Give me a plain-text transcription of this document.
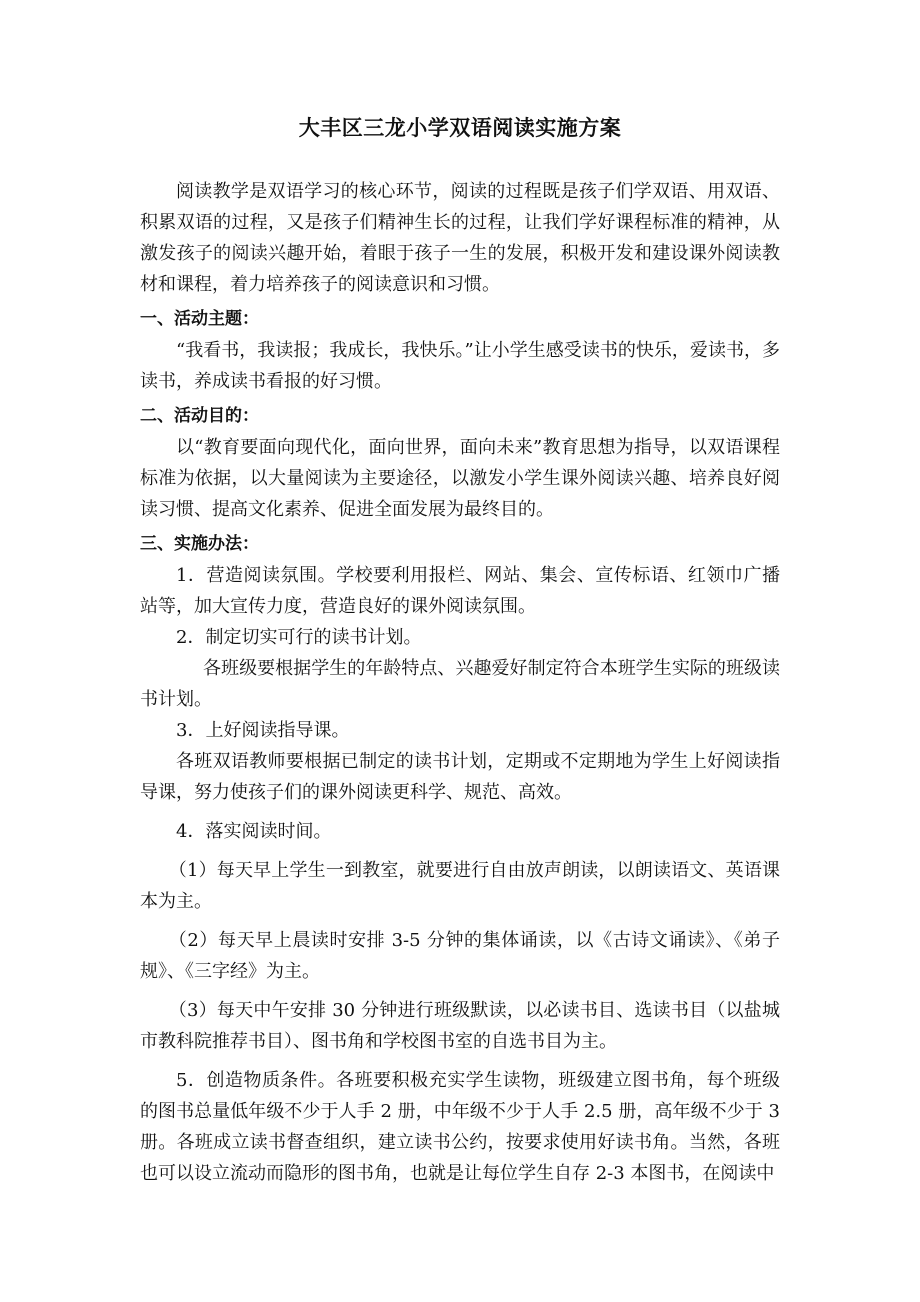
大丰区三龙小学双语阅读实施方案

阅读教学是双语学习的核心环节，阅读的过程既是孩子们学双语、用双语、积累双语的过程，又是孩子们精神生长的过程，让我们学好课程标准的精神，从激发孩子的阅读兴趣开始，着眼于孩子一生的发展，积极开发和建设课外阅读教材和课程，着力培养孩子的阅读意识和习惯。

一、活动主题：

“我看书，我读报；我成长，我快乐。”让小学生感受读书的快乐，爱读书，多读书，养成读书看报的好习惯。

二、活动目的：

以“教育要面向现代化，面向世界，面向未来”教育思想为指导，以双语课程标准为依据，以大量阅读为主要途径，以激发小学生课外阅读兴趣、培养良好阅读习惯、提高文化素养、促进全面发展为最终目的。

三、实施办法：

1．营造阅读氛围。学校要利用报栏、网站、集会、宣传标语、红领巾广播站等，加大宣传力度，营造良好的课外阅读氛围。

2．制定切实可行的读书计划。

各班级要根据学生的年龄特点、兴趣爱好制定符合本班学生实际的班级读书计划。

3．上好阅读指导课。

各班双语教师要根据已制定的读书计划，定期或不定期地为学生上好阅读指导课，努力使孩子们的课外阅读更科学、规范、高效。

4．落实阅读时间。

（1）每天早上学生一到教室，就要进行自由放声朗读，以朗读语文、英语课本为主。

（2）每天早上晨读时安排 3-5 分钟的集体诵读，以《古诗文诵读》、《弟子规》、《三字经》为主。

（3）每天中午安排 30 分钟进行班级默读，以必读书目、选读书目（以盐城市教科院推荐书目）、图书角和学校图书室的自选书目为主。

5．创造物质条件。各班要积极充实学生读物，班级建立图书角，每个班级的图书总量低年级不少于人手 2 册，中年级不少于人手 2.5 册，高年级不少于 3 册。各班成立读书督查组织，建立读书公约，按要求使用好读书角。当然，各班也可以设立流动而隐形的图书角，也就是让每位学生自存 2-3 本图书，在阅读中
